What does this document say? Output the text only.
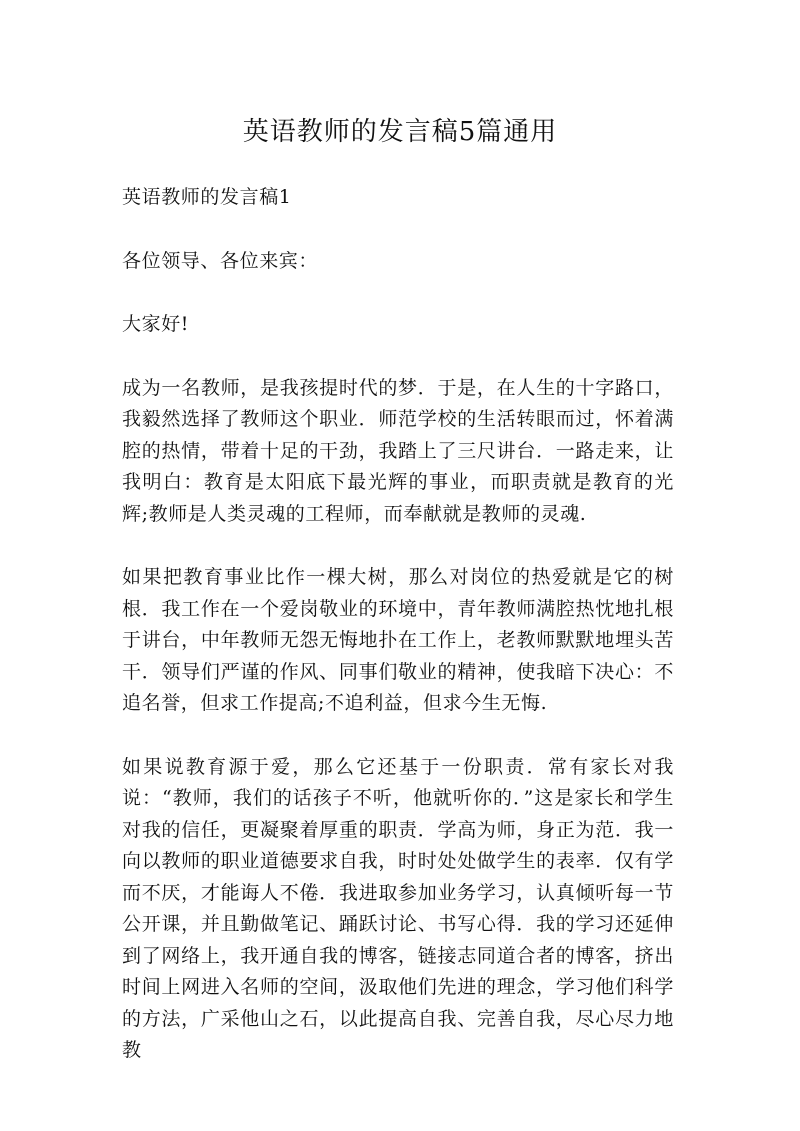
英语教师的发言稿5篇通用

英语教师的发言稿1

各位领导、各位来宾：

大家好!

成为一名教师，是我孩提时代的梦．于是，在人生的十字路口，我毅然选择了教师这个职业．师范学校的生活转眼而过，怀着满腔的热情，带着十足的干劲，我踏上了三尺讲台．一路走来，让我明白：教育是太阳底下最光辉的事业，而职责就是教育的光辉;教师是人类灵魂的工程师，而奉献就是教师的灵魂.

如果把教育事业比作一棵大树，那么对岗位的热爱就是它的树根．我工作在一个爱岗敬业的环境中，青年教师满腔热忱地扎根于讲台，中年教师无怨无悔地扑在工作上，老教师默默地埋头苦干．领导们严谨的作风、同事们敬业的精神，使我暗下决心：不追名誉，但求工作提高;不追利益，但求今生无悔.

如果说教育源于爱，那么它还基于一份职责．常有家长对我说：“教师，我们的话孩子不听，他就听你的．”这是家长和学生对我的信任，更凝聚着厚重的职责．学高为师，身正为范．我一向以教师的职业道德要求自我，时时处处做学生的表率．仅有学而不厌，才能诲人不倦．我进取参加业务学习，认真倾听每一节公开课，并且勤做笔记、踊跃讨论、书写心得．我的学习还延伸到了网络上，我开通自我的博客，链接志同道合者的博客，挤出时间上网进入名师的空间，汲取他们先进的理念，学习他们科学的方法，广采他山之石，以此提高自我、完善自我，尽心尽力地教
